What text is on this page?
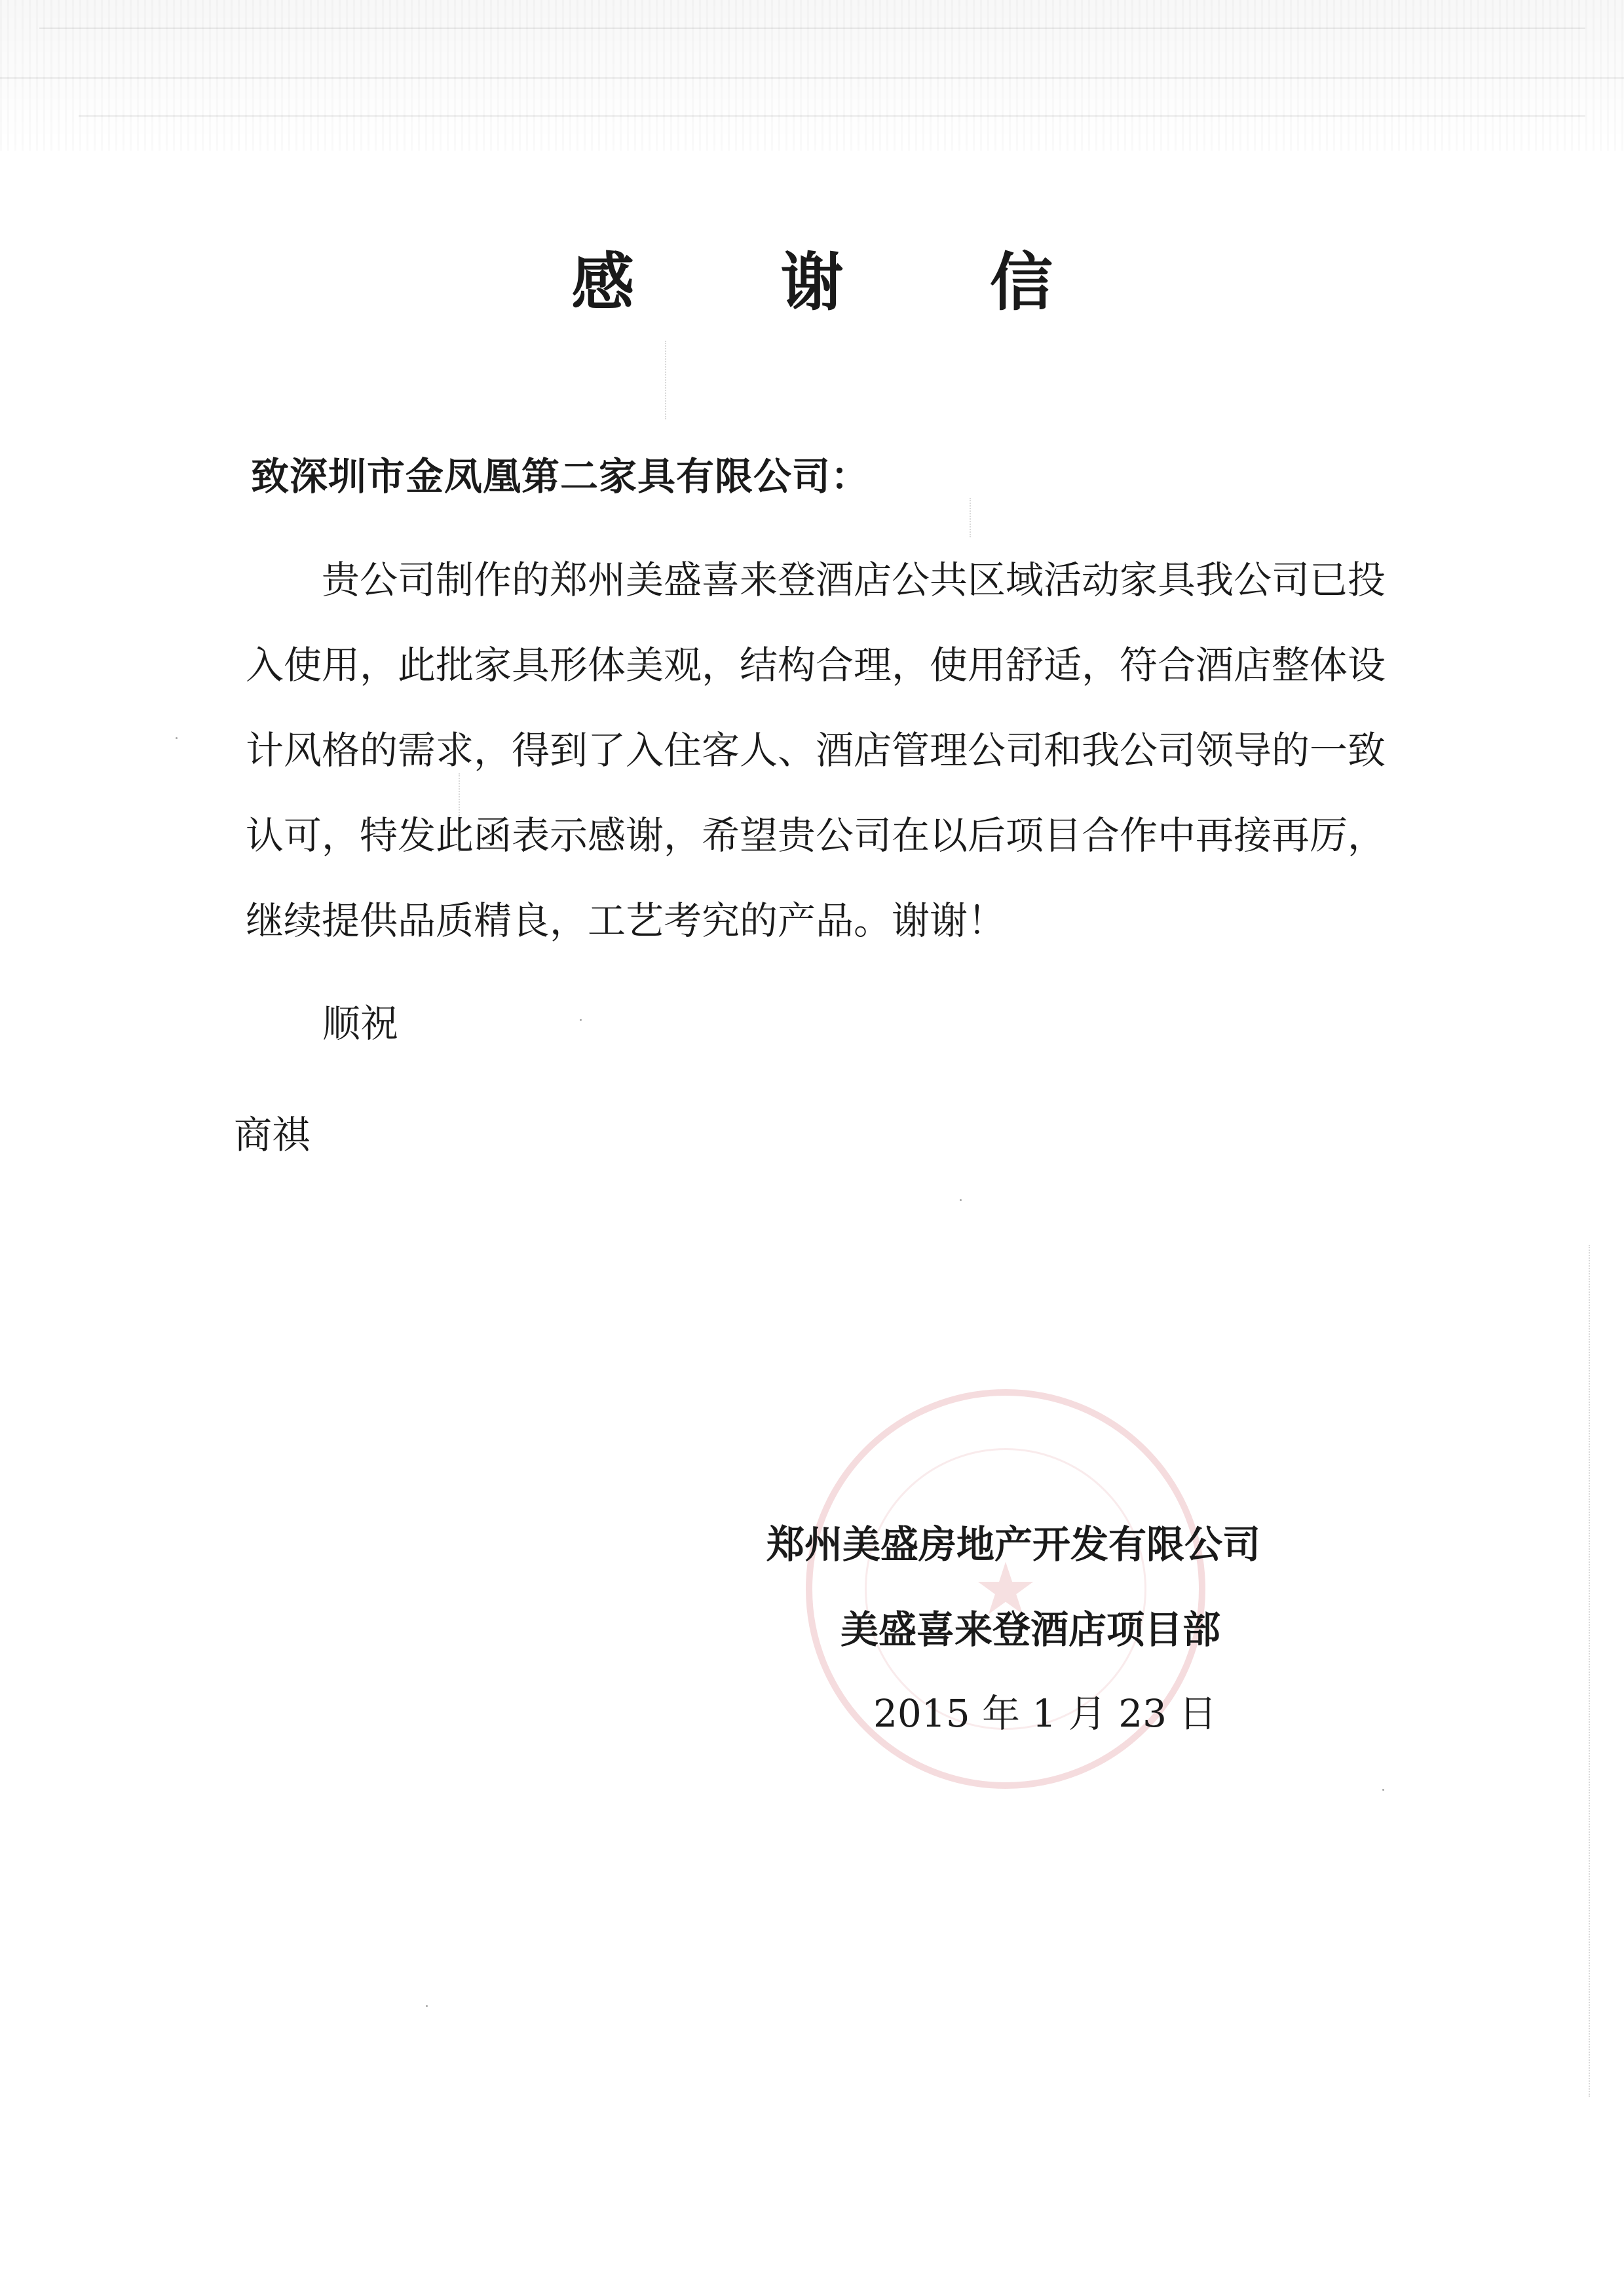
★
感 谢 信
致深圳市金凤凰第二家具有限公司：

贵公司制作的郑州美盛喜来登酒店公共区域活动家具我公司已投入使用，此批家具形体美观，结构合理，使用舒适，符合酒店整体设计风格的需求，得到了入住客人、酒店管理公司和我公司领导的一致认可，特发此函表示感谢，希望贵公司在以后项目合作中再接再厉，继续提供品质精良，工艺考究的产品。谢谢！

顺祝
商祺
郑州美盛房地产开发有限公司
美盛喜来登酒店项目部
2015 年 1 月 23 日
